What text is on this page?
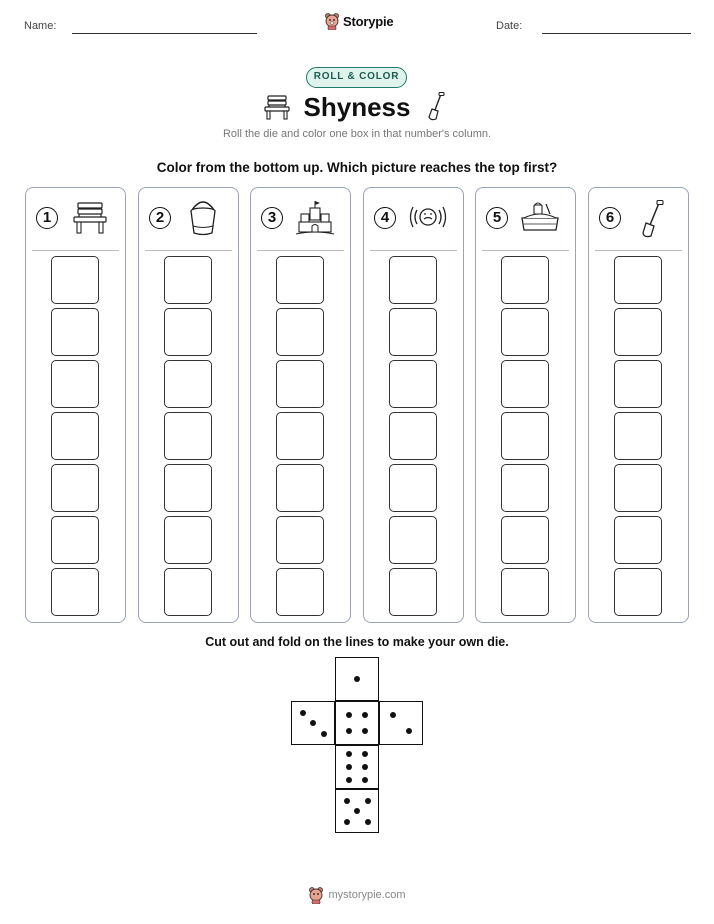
Name:	Storypie	Date:
ROLL & COLOR
Shyness
Roll the die and color one box in that number's column.
Color from the bottom up. Which picture reaches the top first?
1	2	3	4	5	6
Cut out and fold on the lines to make your own die.
mystorypie.com
